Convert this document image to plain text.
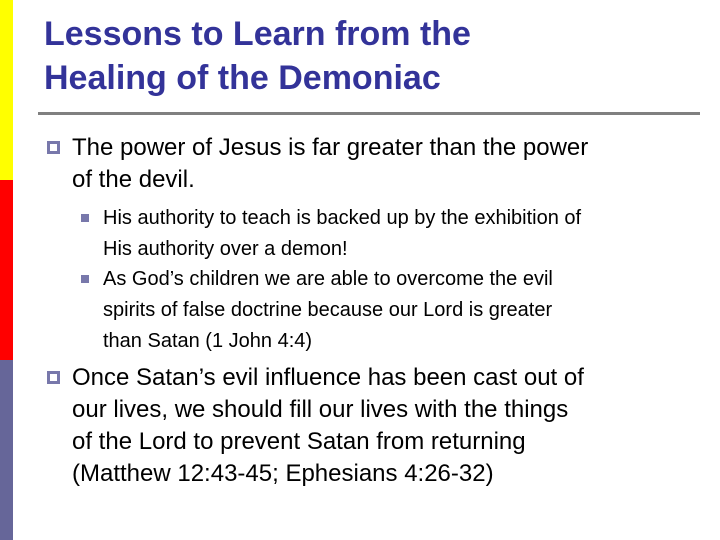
Lessons to Learn from the
Healing of the Demoniac

The power of Jesus is far greater than the power
of the devil.

His authority to teach is backed up by the exhibition of
His authority over a demon!

As God’s children we are able to overcome the evil
spirits of false doctrine because our Lord is greater
than Satan (1 John 4:4)

Once Satan’s evil influence has been cast out of
our lives, we should fill our lives with the things
of the Lord to prevent Satan from returning
(Matthew 12:43-45; Ephesians 4:26-32)
